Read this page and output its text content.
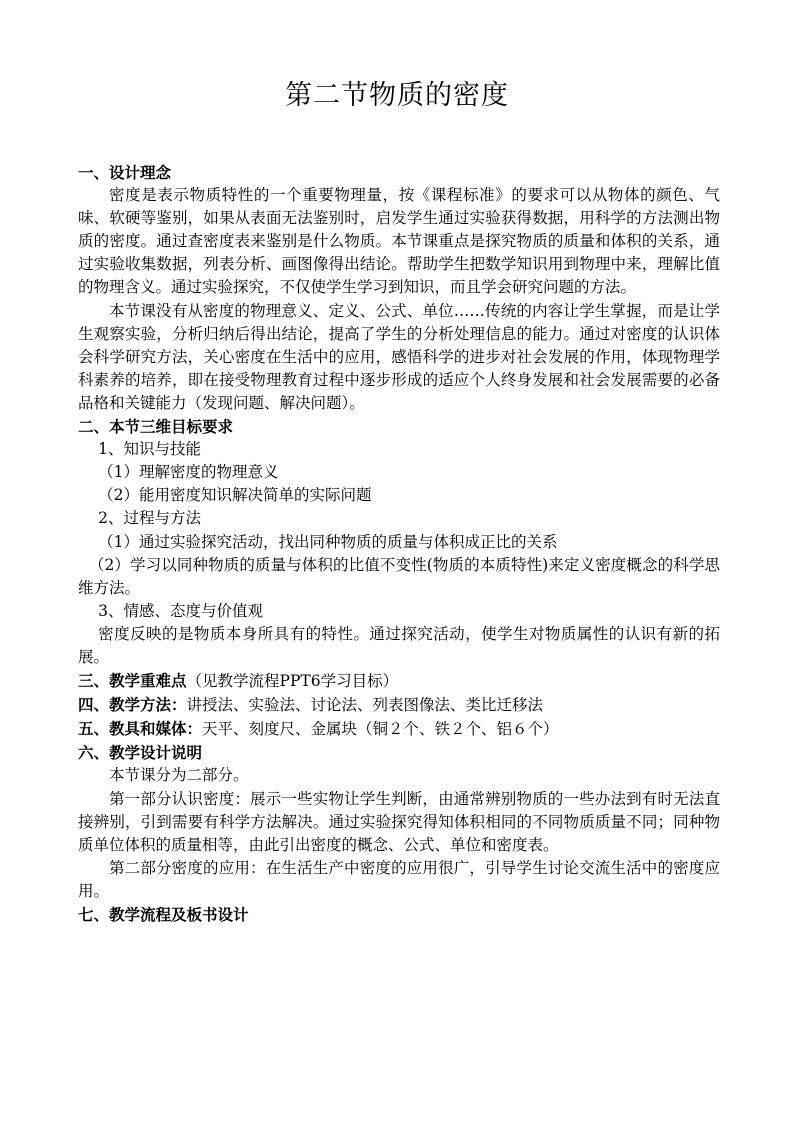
第二节物质的密度

一、设计理念

密度是表示物质特性的一个重要物理量，按《课程标准》的要求可以从物体的颜色、气味、软硬等鉴别，如果从表面无法鉴别时，启发学生通过实验获得数据，用科学的方法测出物质的密度。通过查密度表来鉴别是什么物质。本节课重点是探究物质的质量和体积的关系，通过实验收集数据，列表分析、画图像得出结论。帮助学生把数学知识用到物理中来，理解比值的物理含义。通过实验探究，不仅使学生学习到知识，而且学会研究问题的方法。

本节课没有从密度的物理意义、定义、公式、单位……传统的内容让学生掌握，而是让学生观察实验，分析归纳后得出结论，提高了学生的分析处理信息的能力。通过对密度的认识体会科学研究方法，关心密度在生活中的应用，感悟科学的进步对社会发展的作用，体现物理学科素养的培养，即在接受物理教育过程中逐步形成的适应个人终身发展和社会发展需要的必备品格和关键能力（发现问题、解决问题）。

二、本节三维目标要求

1、知识与技能

（1）理解密度的物理意义

（2）能用密度知识解决简单的实际问题

2、过程与方法

（1）通过实验探究活动，找出同种物质的质量与体积成正比的关系

（2）学习以同种物质的质量与体积的比值不变性(物质的本质特性)来定义密度概念的科学思维方法。

3、情感、态度与价值观

密度反映的是物质本身所具有的特性。通过探究活动，使学生对物质属性的认识有新的拓展。

三、教学重难点（见教学流程PPT6学习目标）

四、教学方法：讲授法、实验法、讨论法、列表图像法、类比迁移法

五、教具和媒体：天平、刻度尺、金属块（铜２个、铁２个、铝６个）

六、教学设计说明

本节课分为二部分。

第一部分认识密度：展示一些实物让学生判断，由通常辨别物质的一些办法到有时无法直接辨别，引到需要有科学方法解决。通过实验探究得知体积相同的不同物质质量不同；同种物质单位体积的质量相等，由此引出密度的概念、公式、单位和密度表。

第二部分密度的应用：在生活生产中密度的应用很广，引导学生讨论交流生活中的密度应用。

七、教学流程及板书设计
